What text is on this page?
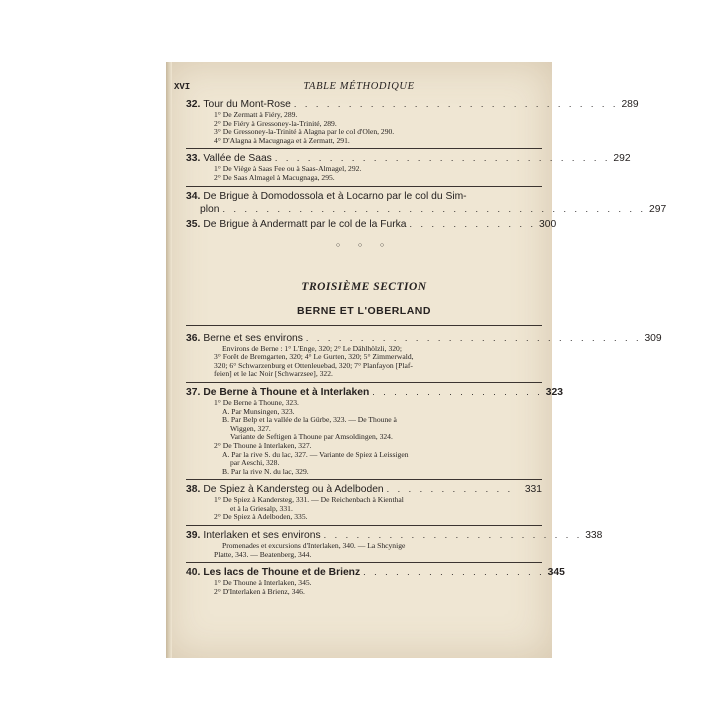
XVI	TABLE MÉTHODIQUE
32. Tour du Mont-Rose . . . . . . . . . . . . . . . . . . . . . . . . . . . . . . 289
1° De Zermatt à Fiéry, 289.
2° De Fiéry à Gressoney-la-Trinité, 289.
3° De Gressoney-la-Trinité à Alagna par le col d'Olen, 290.
4° D'Alagna à Macugnaga et à Zermatt, 291.
33. Vallée de Saas . . . . . . . . . . . . . . . . . . . . . . . . . . . . . . . 292
1° De Viège à Saas Fee ou à Saas-Almagel, 292.
2° De Saas Almagel à Macugnaga, 295.
34. De Brigue à Domodossola et à Locarno par le col du Sim-
plon . . . . . . . . . . . . . . . . . . . . . . . . . . . . . . . . . . . . . . . 297
35. De Brigue à Andermatt par le col de la Furka . . . . . . . . . . . . 300
○ ○ ○
TROISIÈME SECTION
BERNE ET L'OBERLAND
36. Berne et ses environs . . . . . . . . . . . . . . . . . . . . . . . . . . . . . . . 309
Environs de Berne : 1° L'Enge, 320; 2° Le Dählhölzli, 320;
3° Forêt de Bremgarten, 320; 4° Le Gurten, 320; 5° Zimmerwald,
320; 6° Schwarzenburg et Ottenleuebad, 320; 7° Planfayon [Plaf-
feien] et le lac Noir [Schwarzsee], 322.
37. De Berne à Thoune et à Interlaken . . . . . . . . . . . . . . . . 323
1° De Berne à Thoune, 323.
A. Par Munsingen, 323.
B. Par Belp et la vallée de la Gürbe, 323. — De Thoune à
Wiggen, 327.
Variante de Seftigen à Thoune par Amsoldingen, 324.
2° De Thoune à Interlaken, 327.
A. Par la rive S. du lac, 327. — Variante de Spiez à Leissigen
par Aeschi, 328.
B. Par la rive N. du lac, 329.
38. De Spiez à Kandersteg ou à Adelboden . . . . . . . . . . . .	331
1° De Spiez à Kandersteg, 331. — De Reichenbach à Kienthal
et à la Griesalp, 331.
2° De Spiez à Adelboden, 335.
39. Interlaken et ses environs . . . . . . . . . . . . . . . . . . . . . . . . 338
Promenades et excursions d'Interlaken, 340. — La Shcynige
Platte, 343. — Beatenberg, 344.
40. Les lacs de Thoune et de Brienz . . . . . . . . . . . . . . . . . 345
1° De Thoune à Interlaken, 345.
2° D'Interlaken à Brienz, 346.
